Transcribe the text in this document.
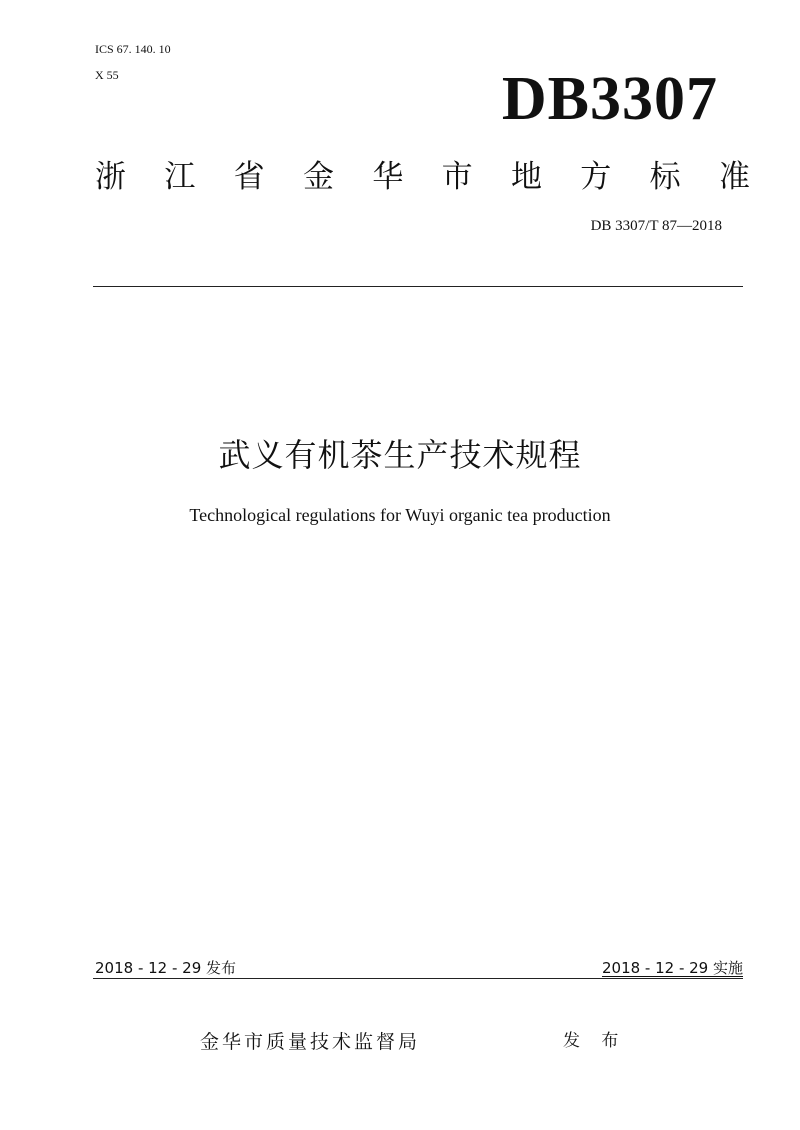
ICS 67. 140. 10
X 55	DB3307
浙 江 省 金 华 市 地 方 标 准
DB 3307/T 87—2018
武义有机茶生产技术规程
Technological regulations for Wuyi organic tea production
2018 - 12 - 29 发布	2018 - 12 - 29 实施
金华市质量技术监督局	发 布
